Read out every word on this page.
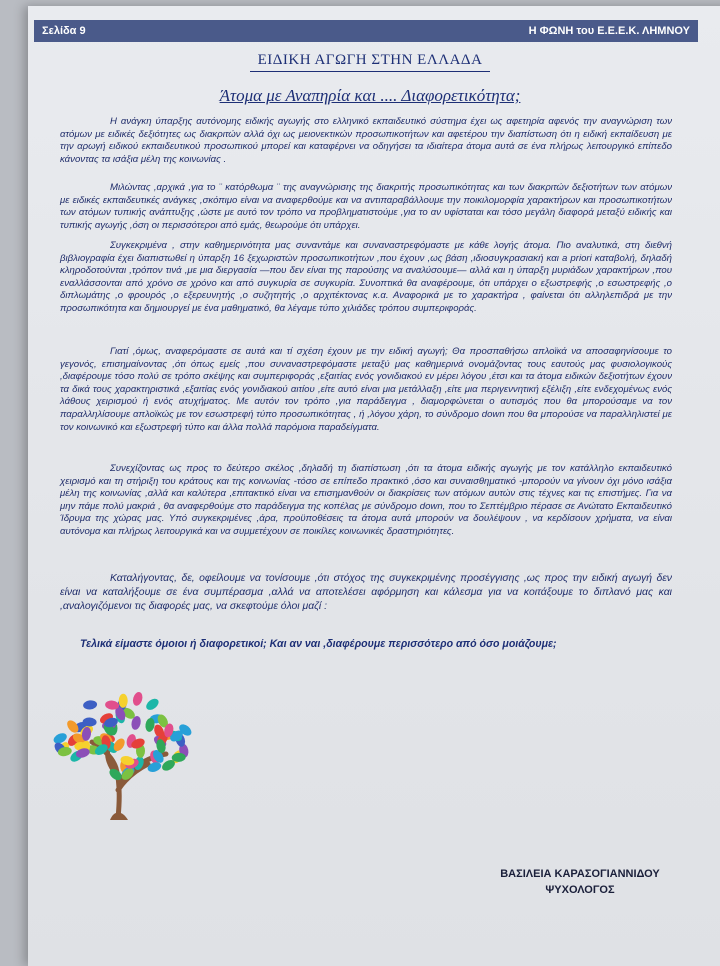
Σελίδα 9	Η ΦΩΝΗ του Ε.Ε.Ε.Κ. ΛΗΜΝΟΥ
ΕΙΔΙΚΗ ΑΓΩΓΗ ΣΤΗΝ ΕΛΛΑΔΑ
Άτομα με Αναπηρία και .... Διαφορετικότητα;

Η ανάγκη ύπαρξης αυτόνομης ειδικής αγωγής στο ελληνικό εκπαιδευτικό σύστημα έχει ως αφετηρία αφενός την αναγνώριση των ατόμων με ειδικές δεξιότητες ως διακριτών αλλά όχι ως μειονεκτικών προσωπικοτήτων και αφετέρου την διαπίστωση ότι η ειδική εκπαίδευση με την αρωγή ειδικού εκπαιδευτικού προσωπικού μπορεί και καταφέρνει να οδηγήσει τα ιδιαίτερα άτομα αυτά σε ένα πλήρως λειτουργικό επίπεδο κάνοντας τα ισάξια μέλη της κοινωνίας .

Μιλώντας ,αρχικά ,για το ¨ κατόρθωμα ¨ της αναγνώρισης της διακριτής προσωπικότητας και των διακριτών δεξιοτήτων των ατόμων με ειδικές εκπαιδευτικές ανάγκες ,σκόπιμο είναι να αναφερθούμε και να αντιπαραβάλλουμε την ποικιλομορφία χαρακτήρων και προσωπικοτήτων των ατόμων τυπικής ανάπτυξης ,ώστε με αυτό τον τρόπο να προβληματιστούμε ,για το αν υφίσταται και τόσο μεγάλη διαφορά μεταξύ ειδικής και τυπικής αγωγής ,όση οι περισσότεροι από εμάς, θεωρούμε ότι υπάρχει.

Συγκεκριμένα , στην καθημερινότητα μας συναντάμε και συναναστρεφόμαστε με κάθε λογής άτομα. Πιο αναλυτικά, στη διεθνή βιβλιογραφία έχει διαπιστωθεί η ύπαρξη 16 ξεχωριστών προσωπικοτήτων ,που έχουν ,ως βάση ,ιδιοσυγκρασιακή και a priori καταβολή, δηλαδή κληροδοτούνται ,τρόπον τινά ,με μια διεργασία —που δεν είναι της παρούσης να αναλύσουμε— αλλά και η ύπαρξη μυριάδων χαρακτήρων ,που εναλλάσσονται από χρόνο σε χρόνο και από συγκυρία σε συγκυρία. Συνοπτικά θα αναφέρουμε, ότι υπάρχει ο εξωστρεφής ,ο εσωστρεφής ,ο διπλωμάτης ,ο φρουρός ,ο εξερευνητής ,ο συζητητής ,ο αρχιτέκτονας κ.α. Αναφορικά με το χαρακτήρα , φαίνεται ότι αλληλεπιδρά με την προσωπικότητα και δημιουργεί με ένα μαθηματικό, θα λέγαμε τύπο χιλιάδες τρόπου συμπεριφοράς.

Γιατί ,όμως, αναφερόμαστε σε αυτά και τί σχέση έχουν με την ειδική αγωγή; Θα προσπαθήσω απλοϊκά να αποσαφηνίσουμε το γεγονός, επισημαίνοντας ,ότι όπως εμείς ,που συναναστρεφόμαστε μεταξύ μας καθημερινά ονομάζοντας τους εαυτούς μας φυσιολογικούς ,διαφέρουμε τόσο πολύ σε τρόπο σκέψης και συμπεριφοράς ,εξαιτίας ενός γονιδιακού εν μέρει λόγου ,έτσι και τα άτομα ειδικών δεξιοτήτων έχουν τα δικά τους χαρακτηριστικά ,εξαιτίας ενός γονιδιακού αιτίου ,είτε αυτό είναι μια μετάλλαξη ,είτε μια περιγεννητική εξέλιξη ,είτε ενδεχομένως ενός λάθους χειρισμού ή ενός ατυχήματος. Με αυτόν τον τρόπο ,για παράδειγμα , διαμορφώνεται ο αυτισμός που θα μπορούσαμε να τον παραλληλίσουμε απλοϊκώς με τον εσωστρεφή τύπο προσωπικότητας , ή ,λόγου χάρη, το σύνδρομο down που θα μπορούσε να παραλληλιστεί με τον κοινωνικό και εξωστρεφή τύπο και άλλα πολλά παρόμοια παραδείγματα.

Συνεχίζοντας ως προς το δεύτερο σκέλος ,δηλαδή τη διαπίστωση ,ότι τα άτομα ειδικής αγωγής με τον κατάλληλο εκπαιδευτικό χειρισμό και τη στήριξη του κράτους και της κοινωνίας -τόσο σε επίπεδο πρακτικό ,όσο και συναισθηματικό -μπορούν να γίνουν όχι μόνο ισάξια μέλη της κοινωνίας ,αλλά και καλύτερα ,επιτακτικό είναι να επισημανθούν οι διακρίσεις των ατόμων αυτών στις τέχνες και τις επιστήμες. Για να μην πάμε πολύ μακριά , θα αναφερθούμε στο παράδειγμα της κοπέλας με σύνδρομο down, που το Σεπτέμβριο πέρασε σε Ανώτατο Εκπαιδευτικό Ίδρυμα της χώρας μας. Υπό συγκεκριμένες ,άρα, προϋποθέσεις τα άτομα αυτά μπορούν να δουλέψουν , να κερδίσουν χρήματα, να είναι αυτόνομα και πλήρως λειτουργικά και να συμμετέχουν σε ποικίλες κοινωνικές δραστηριότητες.

Καταλήγοντας, δε, οφείλουμε να τονίσουμε ,ότι στόχος της συγκεκριμένης προσέγγισης ,ως προς την ειδική αγωγή δεν είναι να καταλήξουμε σε ένα συμπέρασμα ,αλλά να αποτελέσει αφόρμηση και κάλεσμα για να κοιτάξουμε το διπλανό μας και ,αναλογιζόμενοι τις διαφορές μας, να σκεφτούμε όλοι μαζί :

Τελικά είμαστε όμοιοι ή διαφορετικοί; Και αν ναι ,διαφέρουμε περισσότερο από όσο μοιάζουμε;
ΒΑΣΙΛΕΙΑ ΚΑΡΑΣΟΓΙΑΝΝΙΔΟΥ
ΨΥΧΟΛΟΓΟΣ
